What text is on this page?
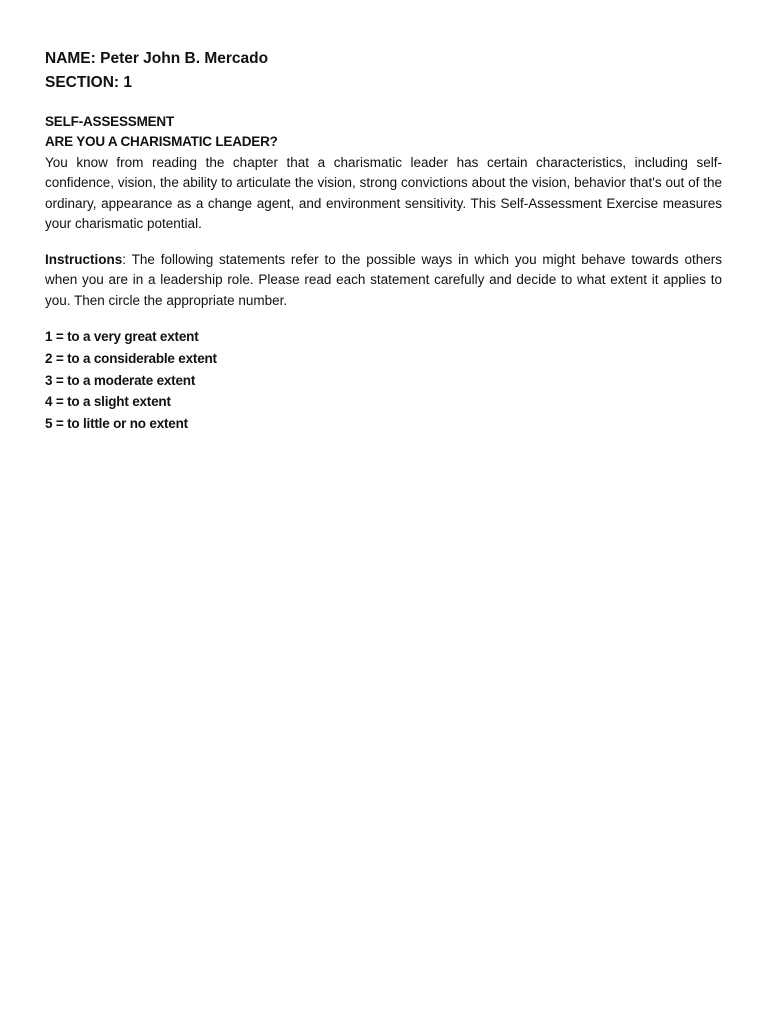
NAME: Peter John B. Mercado

SECTION: 1

SELF-ASSESSMENT

ARE YOU A CHARISMATIC LEADER?

You know from reading the chapter that a charismatic leader has certain characteristics, including self-confidence, vision, the ability to articulate the vision, strong convictions about the vision, behavior that's out of the ordinary, appearance as a change agent, and environment sensitivity. This Self-Assessment Exercise measures your charismatic potential.

Instructions: The following statements refer to the possible ways in which you might behave towards others when you are in a leadership role. Please read each statement carefully and decide to what extent it applies to you. Then circle the appropriate number.

1 = to a very great extent
2 = to a considerable extent
3 = to a moderate extent
4 = to a slight extent
5 = to little or no extent
